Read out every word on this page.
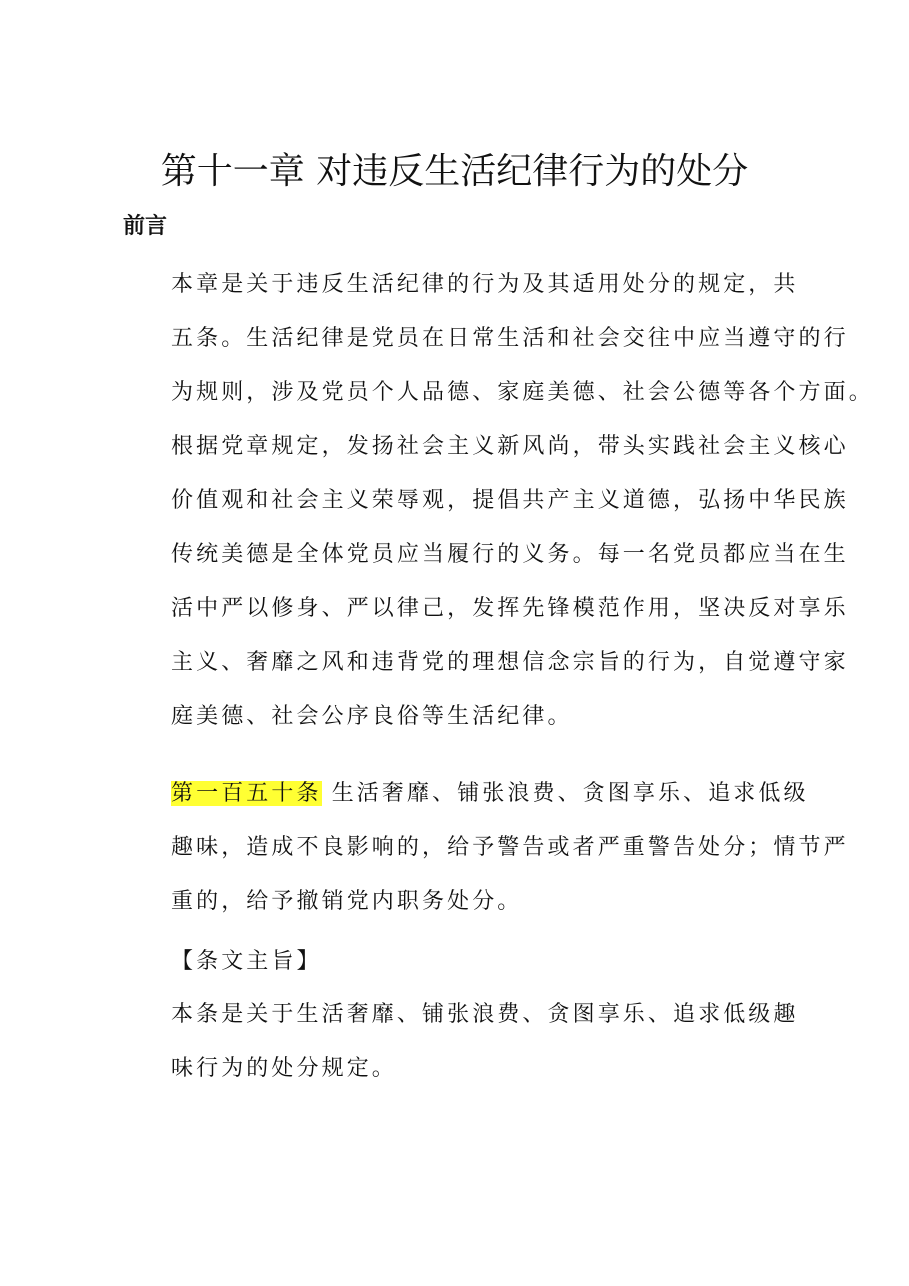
第十一章 对违反生活纪律行为的处分
前言

本章是关于违反生活纪律的行为及其适用处分的规定，共
五条。生活纪律是党员在日常生活和社会交往中应当遵守的行
为规则，涉及党员个人品德、家庭美德、社会公德等各个方面。
根据党章规定，发扬社会主义新风尚，带头实践社会主义核心
价值观和社会主义荣辱观，提倡共产主义道德，弘扬中华民族
传统美德是全体党员应当履行的义务。每一名党员都应当在生
活中严以修身、严以律己，发挥先锋模范作用，坚决反对享乐
主义、奢靡之风和违背党的理想信念宗旨的行为，自觉遵守家
庭美德、社会公序良俗等生活纪律。

第一百五十条 生活奢靡、铺张浪费、贪图享乐、追求低级
趣味，造成不良影响的，给予警告或者严重警告处分；情节严
重的，给予撤销党内职务处分。

【条文主旨】

本条是关于生活奢靡、铺张浪费、贪图享乐、追求低级趣
味行为的处分规定。
